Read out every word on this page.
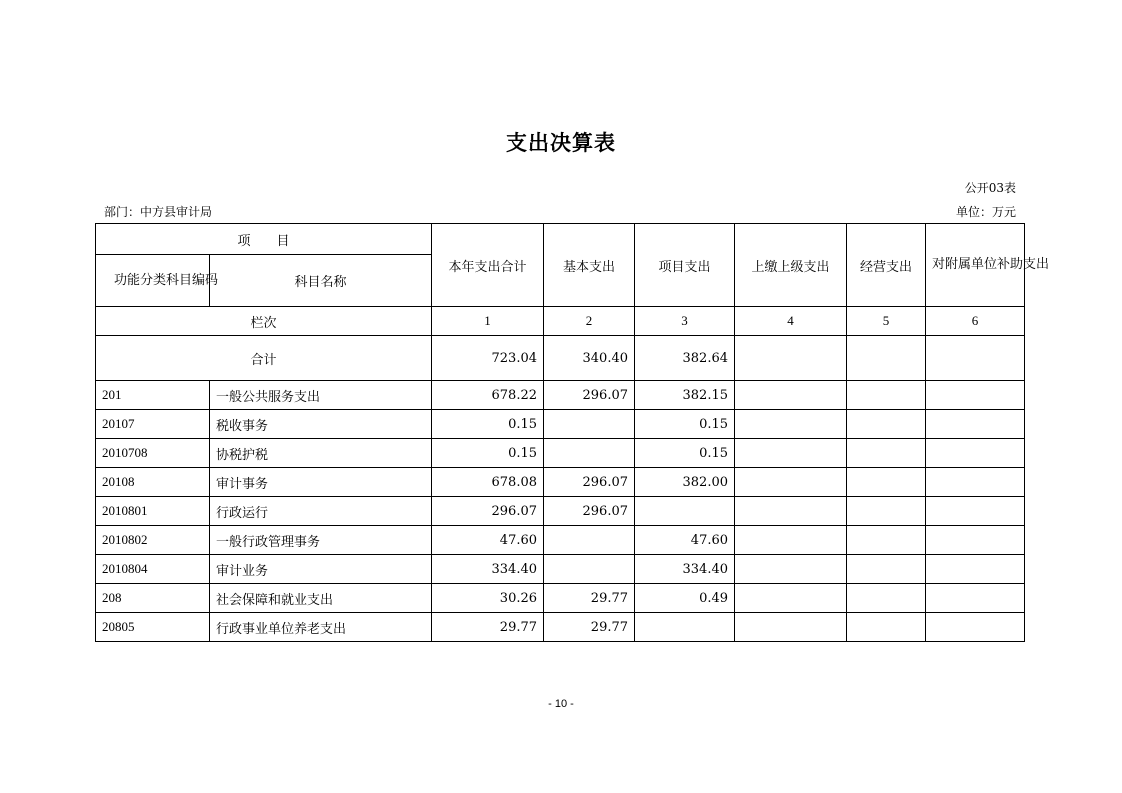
支出决算表
公开03表
部门：中方县审计局	单位：万元
项　　目		本年支出合计	基本支出	项目支出	上缴上级支出	经营支出	对附属单位补助支出
功能分类科目编码	科目名称						
栏次		1	2	3	4	5	6
合计		723.04	340.40	382.64			
201	一般公共服务支出	678.22	296.07	382.15			
20107	税收事务	0.15		0.15			
2010708	协税护税	0.15		0.15			
20108	审计事务	678.08	296.07	382.00			
2010801	行政运行	296.07	296.07				
2010802	一般行政管理事务	47.60		47.60			
2010804	审计业务	334.40		334.40			
208	社会保障和就业支出	30.26	29.77	0.49			
20805	行政事业单位养老支出	29.77	29.77				
- 10 -
